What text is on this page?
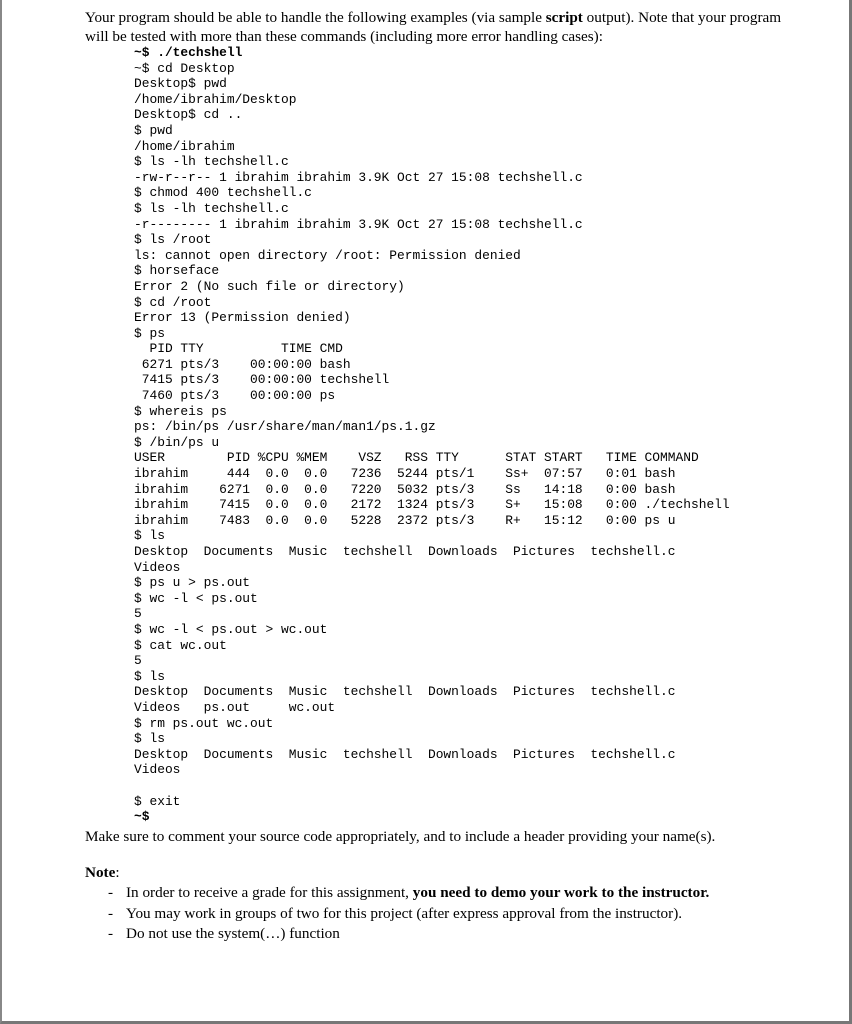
Your program should be able to handle the following examples (via sample script output). Note that your program will be tested with more than these commands (including more error handling cases):

~$ ./techshell
~$ cd Desktop
Desktop$ pwd
/home/ibrahim/Desktop
Desktop$ cd ..
$ pwd
/home/ibrahim
$ ls -lh techshell.c
-rw-r--r-- 1 ibrahim ibrahim 3.9K Oct 27 15:08 techshell.c
$ chmod 400 techshell.c
$ ls -lh techshell.c
-r-------- 1 ibrahim ibrahim 3.9K Oct 27 15:08 techshell.c
$ ls /root
ls: cannot open directory /root: Permission denied
$ horseface
Error 2 (No such file or directory)
$ cd /root
Error 13 (Permission denied)
$ ps
PID TTY          TIME CMD
6271 pts/3    00:00:00 bash
7415 pts/3    00:00:00 techshell
7460 pts/3    00:00:00 ps
$ whereis ps
ps: /bin/ps /usr/share/man/man1/ps.1.gz
$ /bin/ps u
USER        PID %CPU %MEM    VSZ   RSS TTY      STAT START   TIME COMMAND
ibrahim     444  0.0  0.0   7236  5244 pts/1    Ss+  07:57   0:01 bash
ibrahim    6271  0.0  0.0   7220  5032 pts/3    Ss   14:18   0:00 bash
ibrahim    7415  0.0  0.0   2172  1324 pts/3    S+   15:08   0:00 ./techshell
ibrahim    7483  0.0  0.0   5228  2372 pts/3    R+   15:12   0:00 ps u
$ ls
Desktop  Documents  Music  techshell  Downloads  Pictures  techshell.c
Videos
$ ps u > ps.out
$ wc -l < ps.out
5
$ wc -l < ps.out > wc.out
$ cat wc.out
5
$ ls
Desktop  Documents  Music  techshell  Downloads  Pictures  techshell.c
Videos   ps.out     wc.out
$ rm ps.out wc.out
$ ls
Desktop  Documents  Music  techshell  Downloads  Pictures  techshell.c
Videos

$ exit
~$
Make sure to comment your source code appropriately, and to include a header providing your name(s).
Note:
- In order to receive a grade for this assignment, you need to demo your work to the instructor.
- You may work in groups of two for this project (after express approval from the instructor).
- Do not use the system(…) function
